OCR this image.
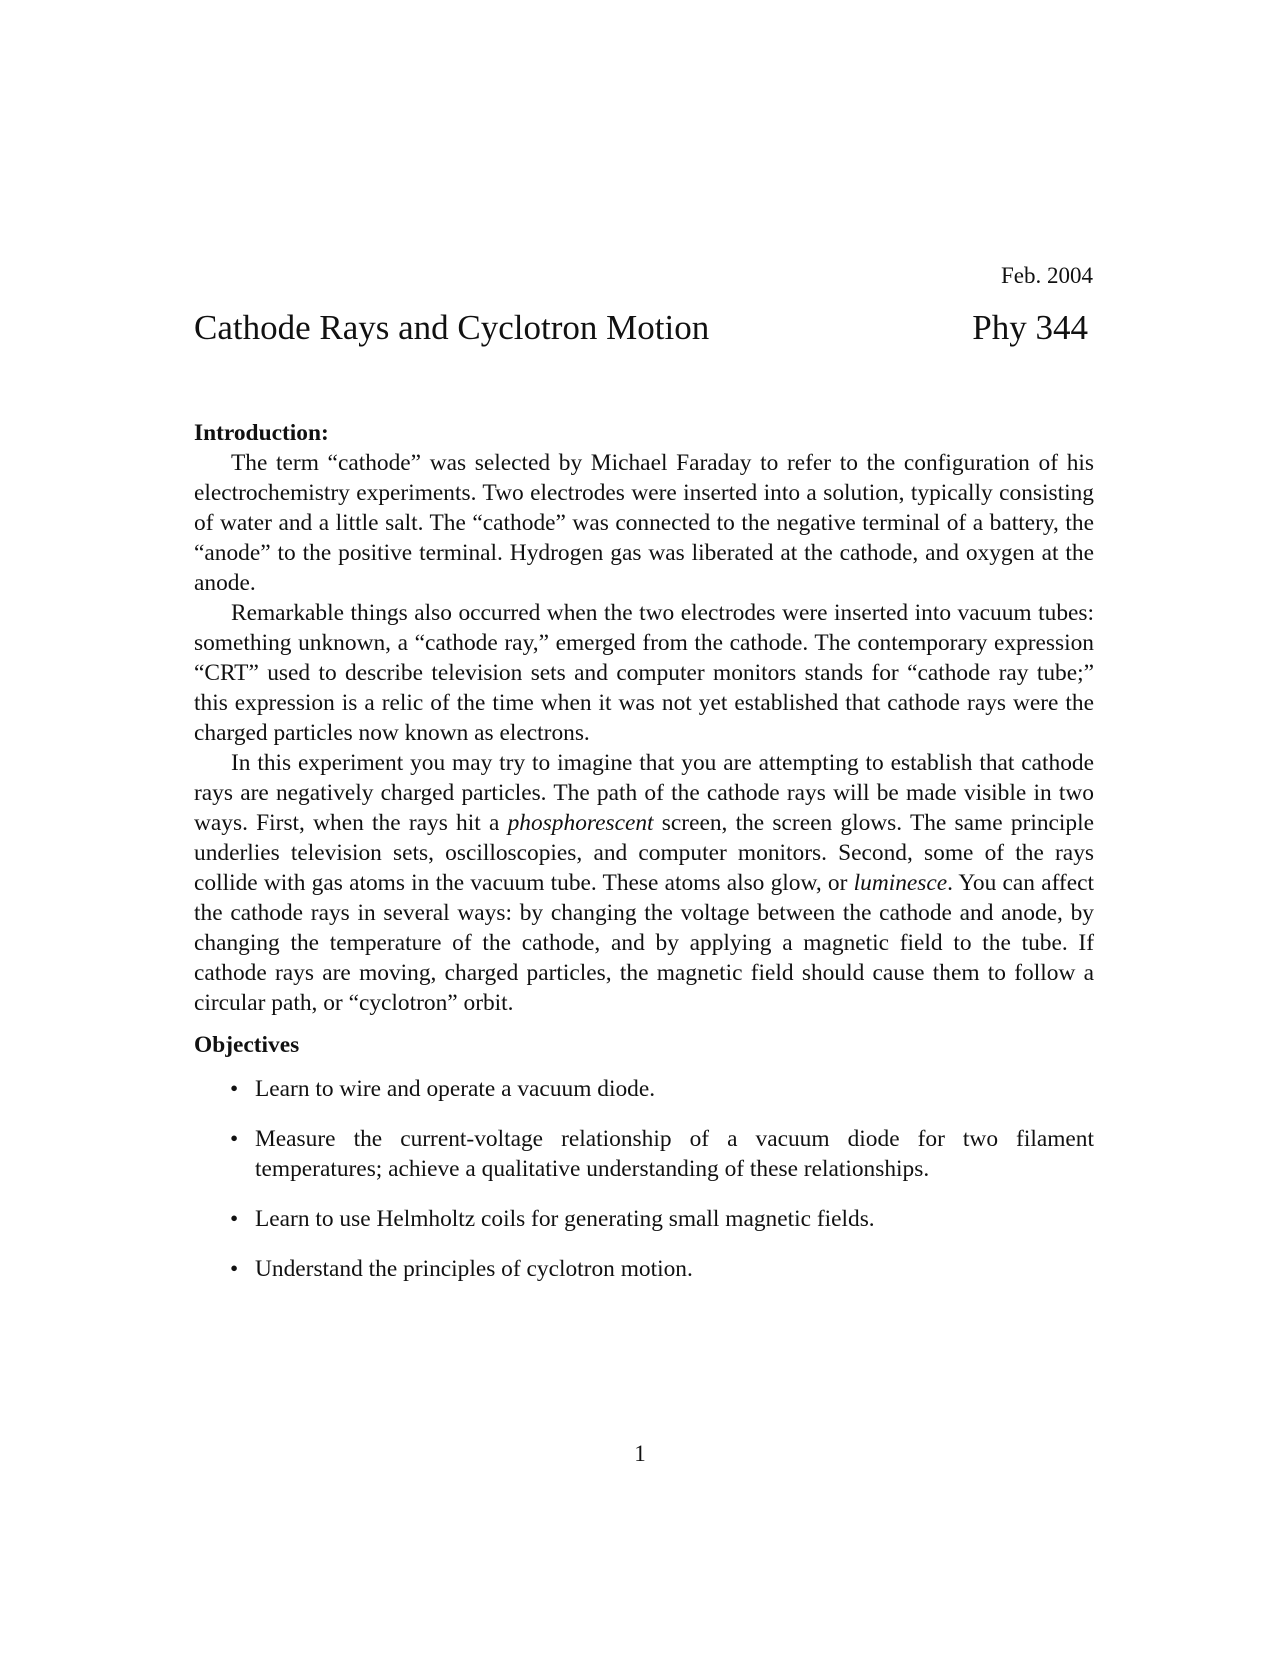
Feb. 2004
Cathode Rays and Cyclotron Motion	Phy 344
Introduction:

The term “cathode” was selected by Michael Faraday to refer to the configuration of his electrochemistry experiments. Two electrodes were inserted into a solution, typically consisting of water and a little salt. The “cathode” was connected to the negative terminal of a battery, the “anode” to the positive terminal. Hydrogen gas was liberated at the cathode, and oxygen at the anode.

Remarkable things also occurred when the two electrodes were inserted into vacuum tubes: something unknown, a “cathode ray,” emerged from the cathode. The contemporary expression “CRT” used to describe television sets and computer monitors stands for “cathode ray tube;” this expression is a relic of the time when it was not yet established that cathode rays were the charged particles now known as electrons.

In this experiment you may try to imagine that you are attempting to establish that cathode rays are negatively charged particles. The path of the cathode rays will be made visible in two ways. First, when the rays hit a phosphorescent screen, the screen glows. The same principle underlies television sets, oscilloscopies, and computer monitors. Second, some of the rays collide with gas atoms in the vacuum tube. These atoms also glow, or luminesce. You can affect the cathode rays in several ways: by changing the voltage between the cathode and anode, by changing the temperature of the cathode, and by applying a magnetic field to the tube. If cathode rays are moving, charged particles, the magnetic field should cause them to follow a circular path, or “cyclotron” orbit.

Objectives
• Learn to wire and operate a vacuum diode.
• Measure the current-voltage relationship of a vacuum diode for two filament temperatures; achieve a qualitative understanding of these relationships.
• Learn to use Helmholtz coils for generating small magnetic fields.
• Understand the principles of cyclotron motion.
1
